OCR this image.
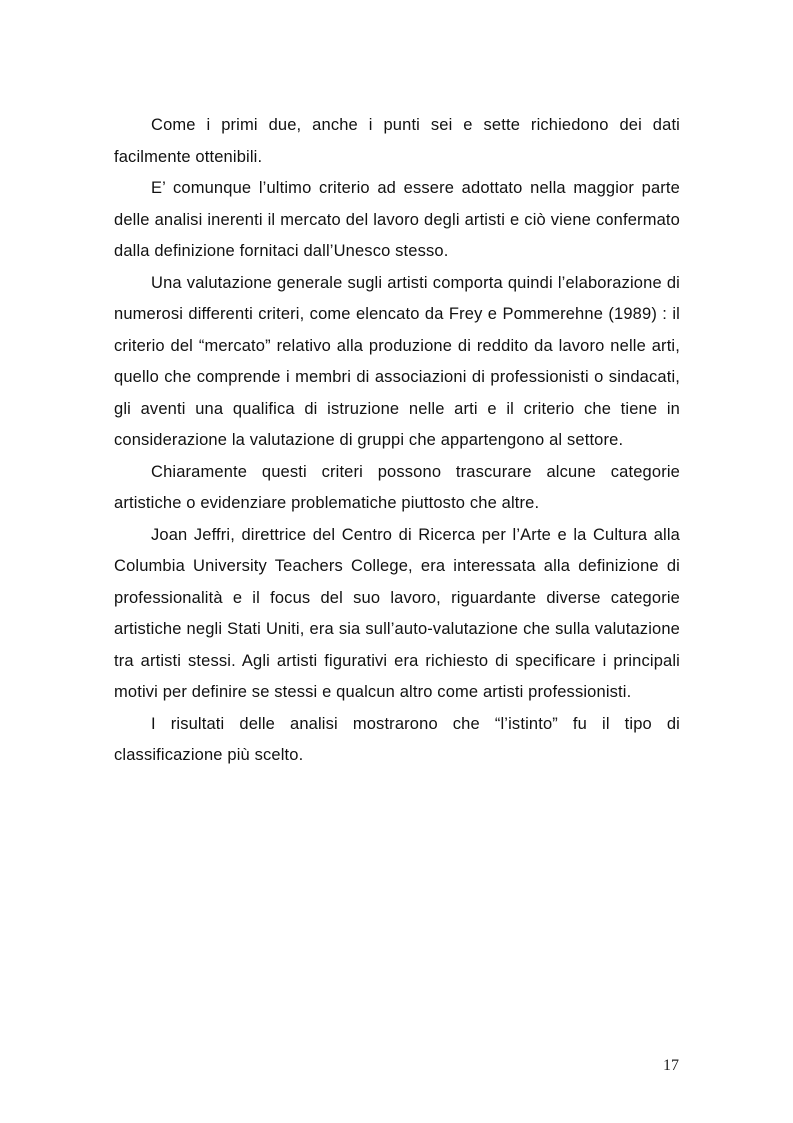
Come i primi due, anche i punti sei e sette richiedono dei dati facilmente ottenibili.

E’ comunque l’ultimo criterio ad essere adottato nella maggior parte delle analisi inerenti il mercato del lavoro degli artisti e ciò viene confermato dalla definizione fornitaci dall’Unesco stesso.

Una valutazione generale sugli artisti comporta quindi l’elaborazione di numerosi differenti criteri, come elencato da Frey e Pommerehne (1989) : il criterio del “mercato” relativo alla produzione di reddito da lavoro nelle arti, quello che comprende i membri di associazioni di professionisti o sindacati, gli aventi una qualifica di istruzione nelle arti e il criterio che tiene in considerazione la valutazione di gruppi che appartengono al settore.

Chiaramente questi criteri possono trascurare alcune categorie artistiche o evidenziare problematiche piuttosto che altre.

Joan Jeffri, direttrice del Centro di Ricerca per l’Arte e la Cultura alla Columbia University Teachers College, era interessata alla definizione di professionalità e il focus del suo lavoro, riguardante diverse categorie artistiche negli Stati Uniti, era sia sull’auto-valutazione che sulla valutazione tra artisti stessi. Agli artisti figurativi era richiesto di specificare i principali motivi per definire se stessi e qualcun altro come artisti professionisti.

I risultati delle analisi mostrarono che “l’istinto” fu il tipo di classificazione più scelto.

17
